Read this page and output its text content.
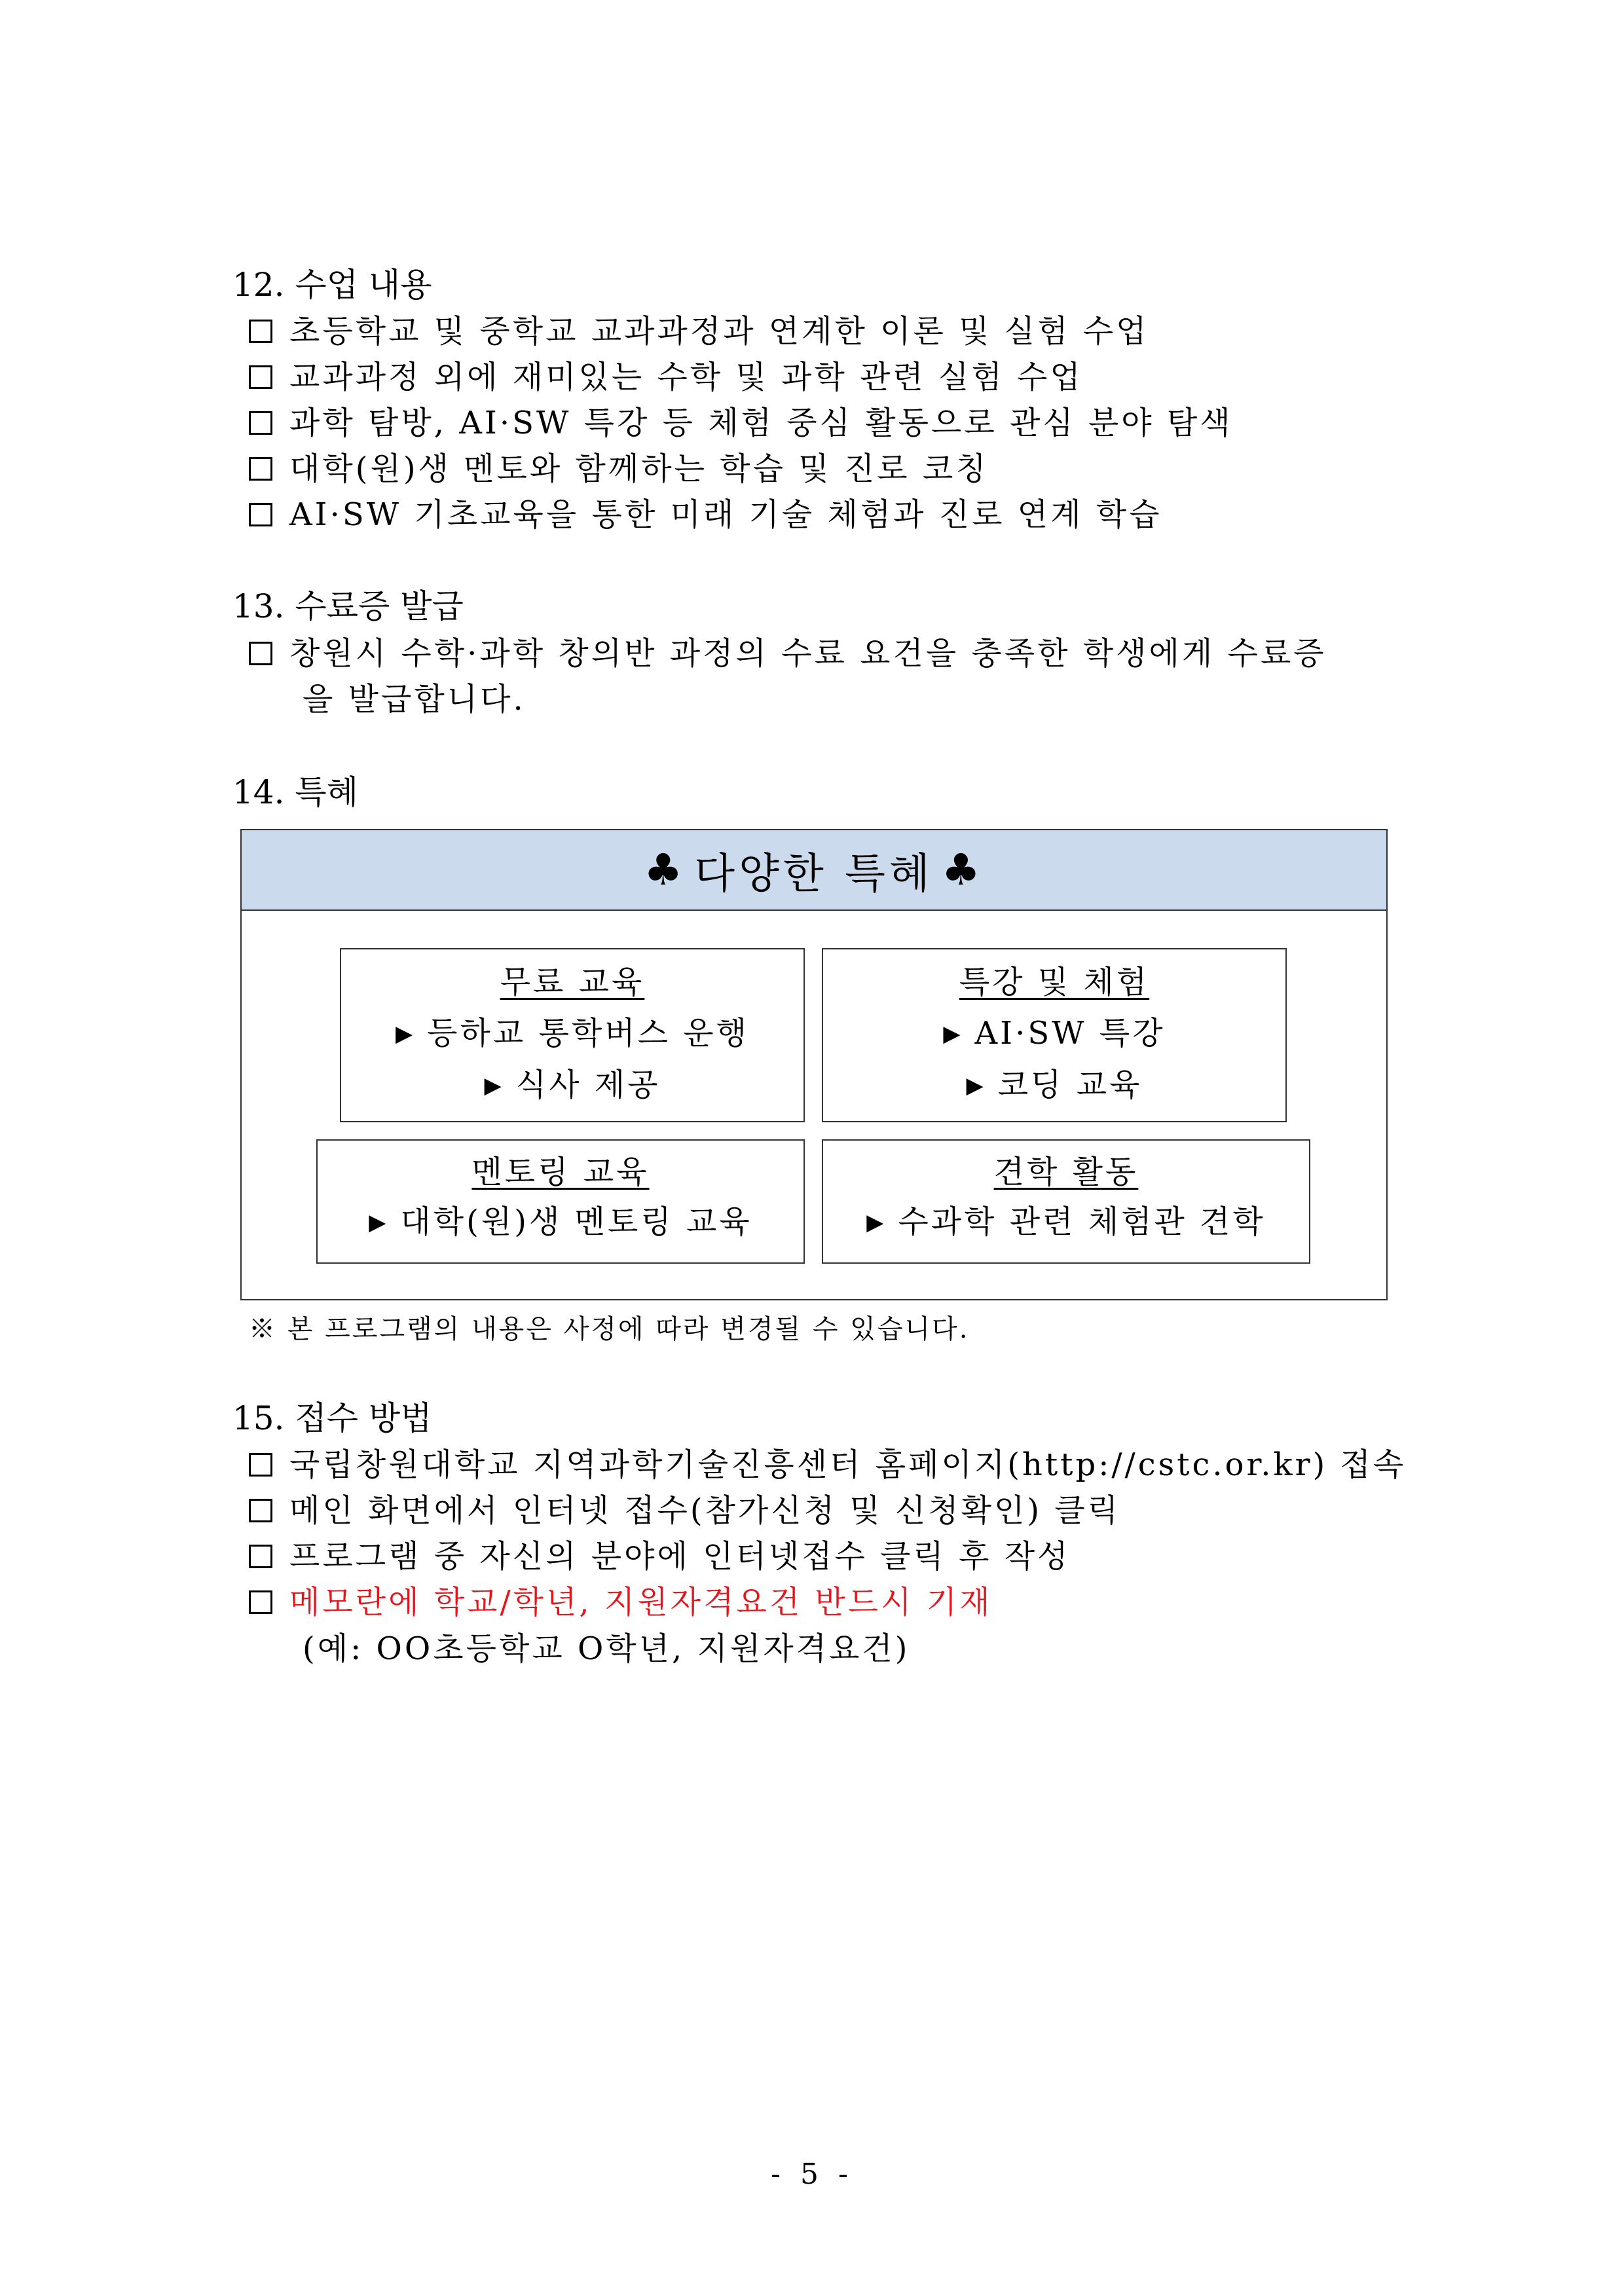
12. 수업 내용
초등학교 및 중학교 교과과정과 연계한 이론 및 실험 수업
교과과정 외에 재미있는 수학 및 과학 관련 실험 수업
과학 탐방, AI·SW 특강 등 체험 중심 활동으로 관심 분야 탐색
대학(원)생 멘토와 함께하는 학습 및 진로 코칭
AI·SW 기초교육을 통한 미래 기술 체험과 진로 연계 학습
13. 수료증 발급
창원시 수학·과학 창의반 과정의 수료 요건을 충족한 학생에게 수료증
을 발급합니다.
14. 특혜
♣ 다양한 특혜 ♣
무료 교육
▶ 등하교 통학버스 운행
▶ 식사 제공
특강 및 체험
▶ AI·SW 특강
▶ 코딩 교육
멘토링 교육
▶ 대학(원)생 멘토링 교육
견학 활동
▶ 수과학 관련 체험관 견학
※ 본 프로그램의 내용은 사정에 따라 변경될 수 있습니다.
15. 접수 방법
국립창원대학교 지역과학기술진흥센터 홈페이지(http://cstc.or.kr) 접속
메인 화면에서 인터넷 접수(참가신청 및 신청확인) 클릭
프로그램 중 자신의 분야에 인터넷접수 클릭 후 작성
메모란에 학교/학년, 지원자격요건 반드시 기재
(예: OO초등학교 O학년, 지원자격요건)
- 5 -
